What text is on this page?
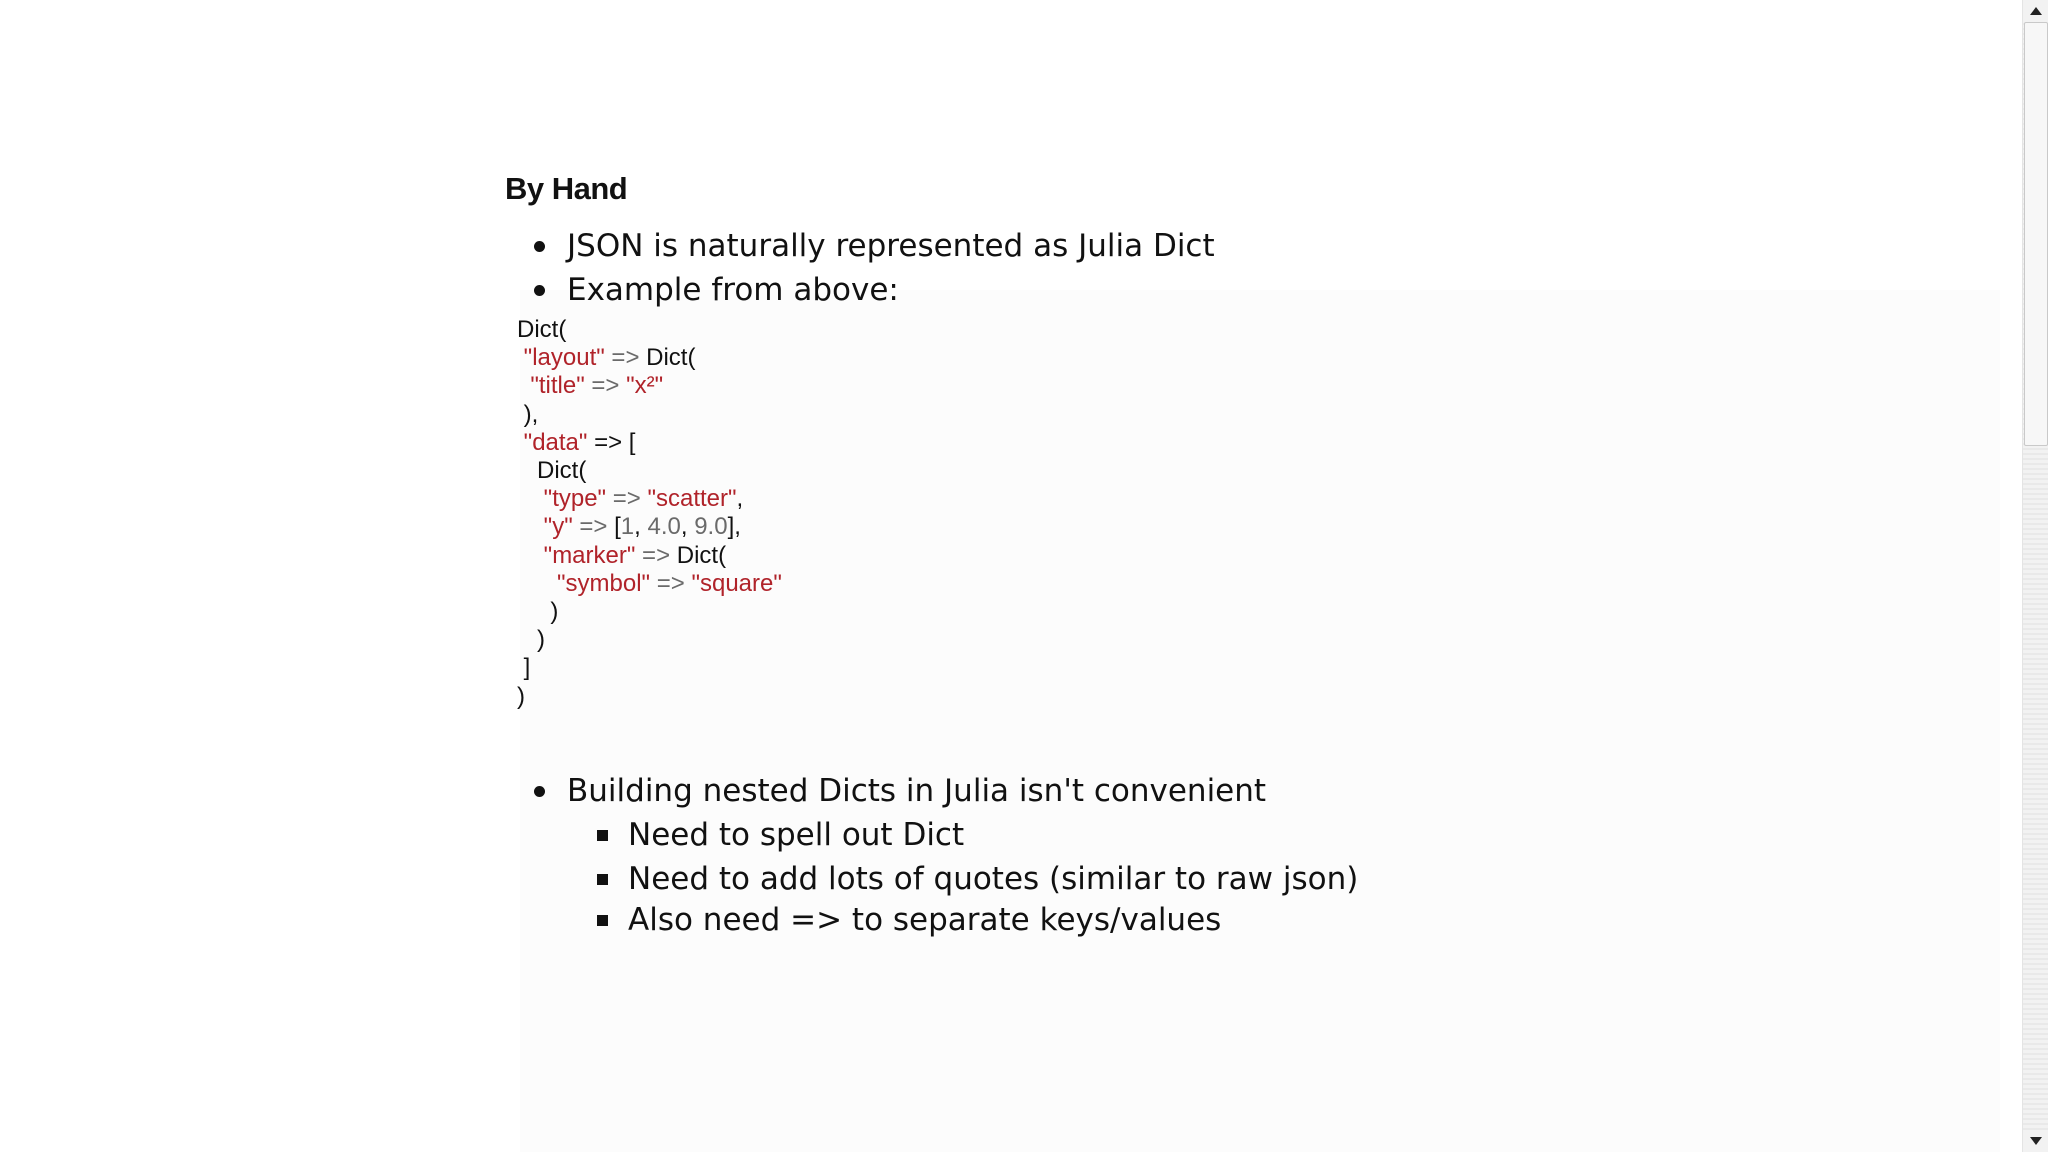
By Hand
JSON is naturally represented as Julia Dict
Example from above:
Dict(
"layout" => Dict(
"title" => "x²"
),
"data" => [
Dict(
"type" => "scatter",
"y" => [1, 4.0, 9.0],
"marker" => Dict(
"symbol" => "square"
)
)
]
)
Building nested Dicts in Julia isn't convenient
Need to spell out Dict
Need to add lots of quotes (similar to raw json)
Also need => to separate keys/values
